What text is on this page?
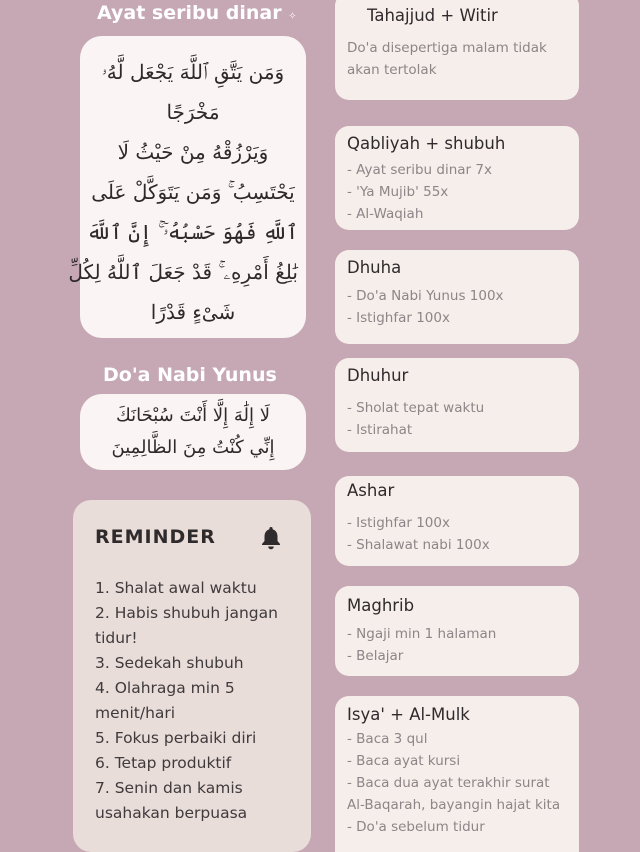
Ayat seribu dinar ✧
وَمَن يَتَّقِ ٱللَّهَ يَجْعَل لَّهُۥ
مَخْرَجًا
وَيَرْزُقْهُ مِنْ حَيْثُ لَا
يَحْتَسِبُ ۚ وَمَن يَتَوَكَّلْ عَلَى
ٱللَّهِ فَهُوَ حَسْبُهُۥٓ ۚ إِنَّ ٱللَّهَ
بَٰلِغُ أَمْرِهِۦ ۚ قَدْ جَعَلَ ٱللَّهُ لِكُلِّ
شَىْءٍ قَدْرًا
Do'a Nabi Yunus
لَا إِلَٰهَ إِلَّا أَنْتَ سُبْحَانَكَ
إِنِّي كُنْتُ مِنَ الظَّالِمِينَ
REMINDER
1. Shalat awal waktu
2. Habis shubuh jangan
tidur!
3. Sedekah shubuh
4. Olahraga min 5
menit/hari
5. Fokus perbaiki diri
6. Tetap produktif
7. Senin dan kamis
usahakan berpuasa
Tahajjud + Witir
Do'a disepertiga malam tidak
akan tertolak
Qabliyah + shubuh
- Ayat seribu dinar 7x
- 'Ya Mujib' 55x
- Al-Waqiah
Dhuha
- Do'a Nabi Yunus 100x
- Istighfar 100x
Dhuhur
- Sholat tepat waktu
- Istirahat
Ashar
- Istighfar 100x
- Shalawat nabi 100x
Maghrib
- Ngaji min 1 halaman
- Belajar
Isya' + Al-Mulk
- Baca 3 qul
- Baca ayat kursi
- Baca dua ayat terakhir surat
Al-Baqarah, bayangin hajat kita
- Do'a sebelum tidur
